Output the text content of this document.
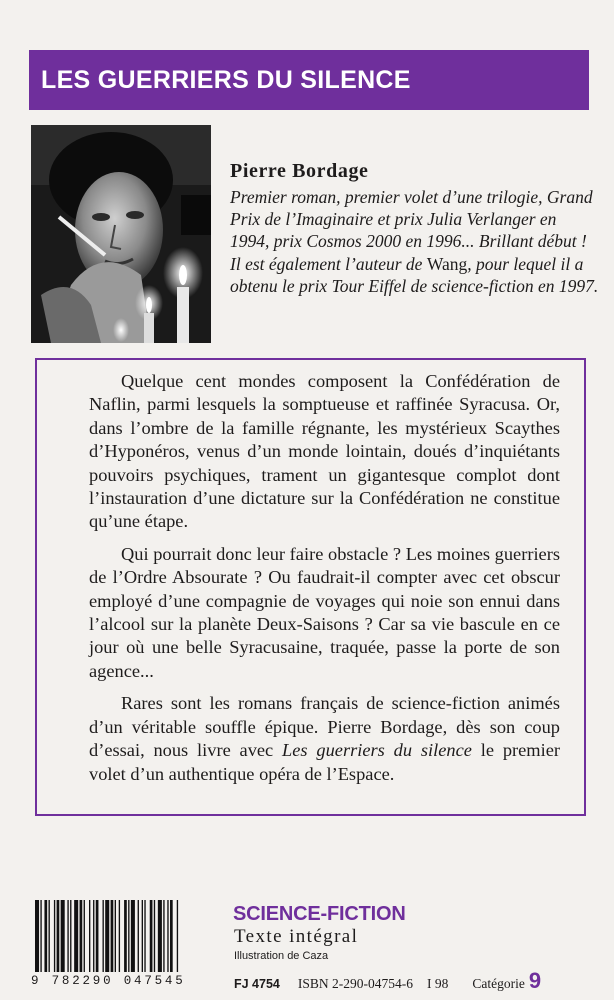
LES GUERRIERS DU SILENCE
Pierre Bordage
Premier roman, premier volet d’une trilogie, Grand Prix de l’Imaginaire et prix Julia Verlanger en 1994, prix Cosmos 2000 en 1996... Brillant début ! Il est également l’auteur de Wang, pour lequel il a obtenu le prix Tour Eiffel de science-fiction en 1997.

Quelque cent mondes composent la Confédération de Naflin, parmi lesquels la somptueuse et raffinée Syracusa. Or, dans l’ombre de la famille régnante, les mystérieux Scaythes d’Hyponéros, venus d’un monde lointain, doués d’inquiétants pouvoirs psychiques, trament un gigantesque complot dont l’instauration d’une dictature sur la Confédération ne constitue qu’une étape.

Qui pourrait donc leur faire obstacle ? Les moines guerriers de l’Ordre Absourate ? Ou faudrait-il compter avec cet obscur employé d’une compagnie de voyages qui noie son ennui dans l’alcool sur la planète Deux-Saisons ? Car sa vie bascule en ce jour où une belle Syracusaine, traquée, passe la porte de son agence...

Rares sont les romans français de science-fiction animés d’un véritable souffle épique. Pierre Bordage, dès son coup d’essai, nous livre avec Les guerriers du silence le premier volet d’un authentique opéra de l’Espace.

9 782290 047545
SCIENCE-FICTION
Texte intégral
Illustration de Caza
FJ 4754 ISBN 2-290-04754-6 I 98 Catégorie 9
